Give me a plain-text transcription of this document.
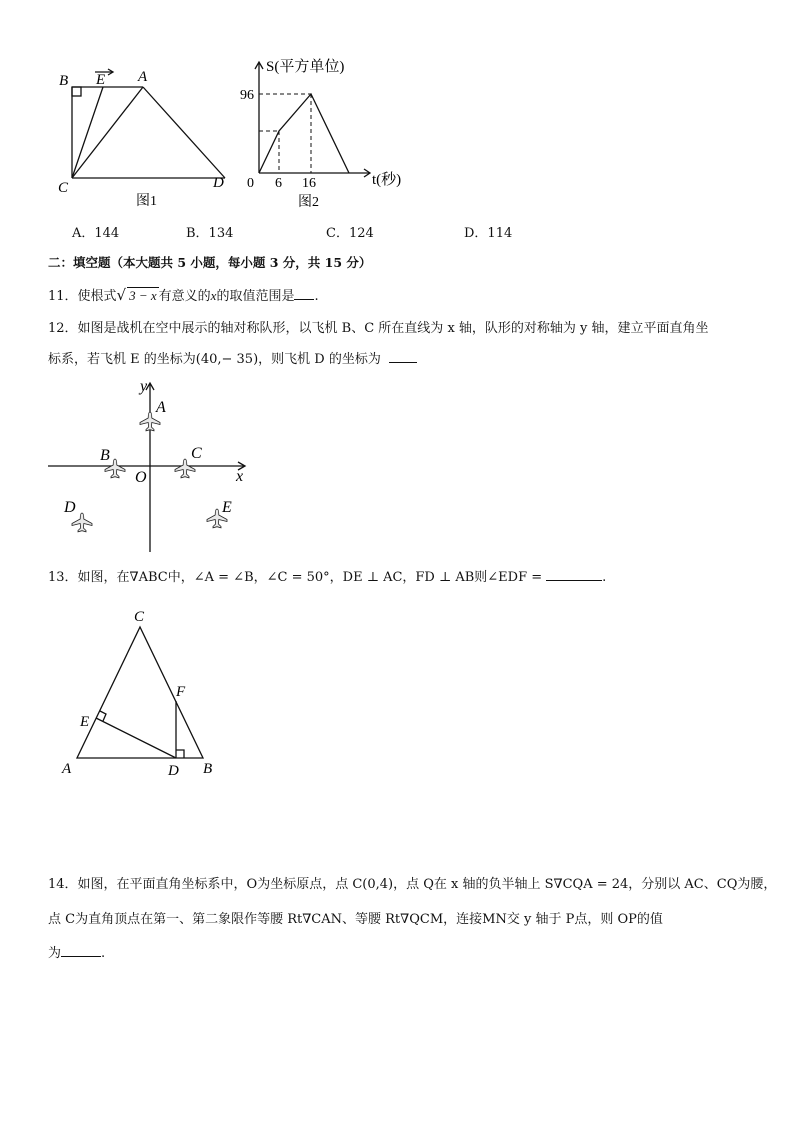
B E A
C	D
图1
S(平方单位)
96
0 6 16	t(秒)
图2
A．144	B．134	C．124	D．114
二：填空题（本大题共 5 小题，每小题 3 分，共 15 分）
11．使根式√ 3 − x 有意义的x的取值范围是 .
12．如图是战机在空中展示的轴对称队形，以飞机 B、C 所在直线为 x 轴，队形的对称轴为 y 轴，建立平面直角坐
标系，若飞机 E 的坐标为(40,− 35)，则飞机 D 的坐标为
y
x
O
A
B	C
D	E
13．如图，在∇ABC中，∠A = ∠B，∠C = 50°，DE ⊥ AC，FD ⊥ AB则∠EDF =	.
C
F
E
A	D B
14．如图，在平面直角坐标系中，O为坐标原点，点 C(0,4)，点 Q在 x 轴的负半轴上 S∇CQA = 24，分别以 AC、CQ为腰，
点 C为直角顶点在第一、第二象限作等腰 Rt∇CAN、等腰 Rt∇QCM，连接MN交 y 轴于 P点，则 OP的值
为	.
